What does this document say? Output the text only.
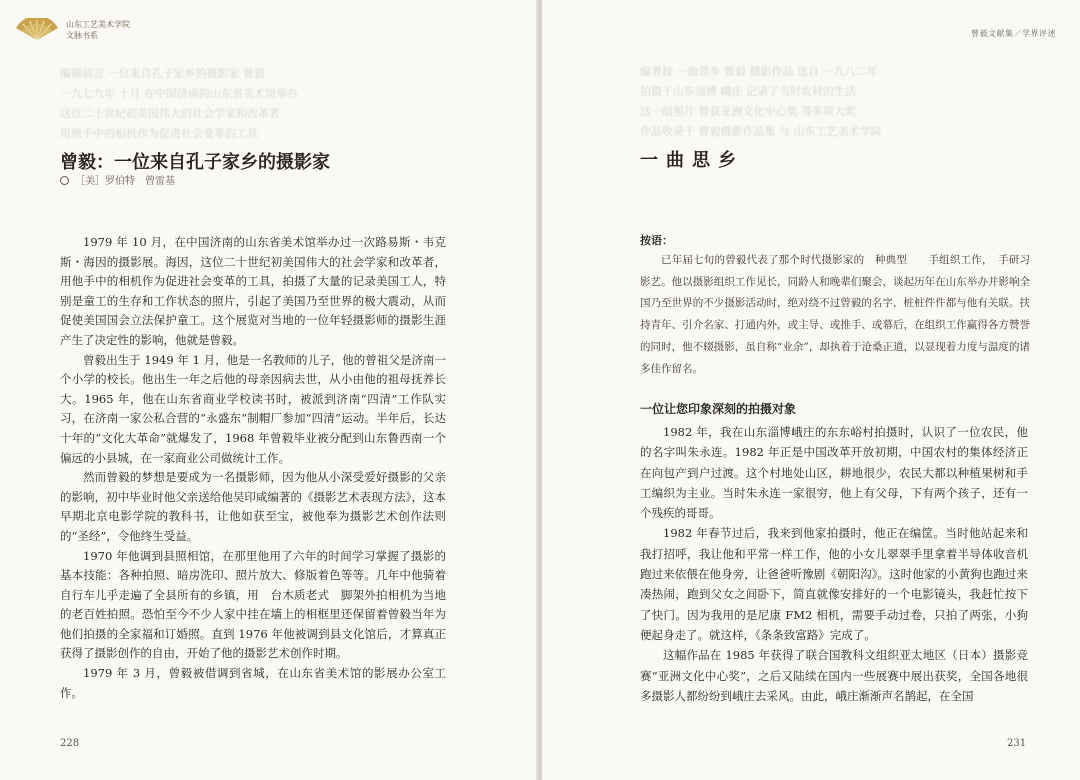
山东工艺美术学院
文脉书系
编辑前言 一位来自孔子家乡的摄影家 曾毅
一九七九年 十月 在中国济南的山东省美术馆举办
这位二十世纪初美国伟大的社会学家和改革者
用他手中的相机作为促进社会变革的工具
曾毅：一位来自孔子家乡的摄影家
［美］罗伯特　曾雷基

1979 年 10 月，在中国济南的山东省美术馆举办过一次路易斯・韦克斯・海因的摄影展。海因，这位二十世纪初美国伟大的社会学家和改革者，用他手中的相机作为促进社会变革的工具，拍摄了大量的记录美国工人，特别是童工的生存和工作状态的照片，引起了美国乃至世界的极大震动，从而促使美国国会立法保护童工。这个展览对当地的一位年轻摄影师的摄影生涯产生了决定性的影响，他就是曾毅。

曾毅出生于 1949 年 1 月，他是一名教师的儿子，他的曾祖父是济南一个小学的校长。他出生一年之后他的母亲因病去世，从小由他的祖母抚养长大。1965 年，他在山东省商业学校读书时，被派到济南“四清”工作队实习，在济南一家公私合营的“永盛东”制帽厂参加“四清”运动。半年后，长达十年的“文化大革命”就爆发了，1968 年曾毅毕业被分配到山东鲁西南一个偏远的小县城，在一家商业公司做统计工作。

然而曾毅的梦想是要成为一名摄影师，因为他从小深受爱好摄影的父亲的影响，初中毕业时他父亲送给他吴印咸编著的《摄影艺术表现方法》，这本早期北京电影学院的教科书，让他如获至宝，被他奉为摄影艺术创作法则的“圣经”，令他终生受益。

1970 年他调到县照相馆，在那里他用了六年的时间学习掌握了摄影的基本技能：各种拍照、暗房洗印、照片放大、修版着色等等。几年中他骑着自行车儿乎走遍了全县所有的乡镇，用　台木质老式　脚架外拍相机为当地的老百姓拍照。恐怕至今不少人家中挂在墙上的相框里还保留着曾毅当年为他们拍摄的全家福和订婚照。直到 1976 年他被调到县文化馆后，才算真正获得了摄影创作的自由，开始了他的摄影艺术创作时期。

1979 年 3 月，曾毅被借调到省城，在山东省美术馆的影展办公室工作。

228
曾毅文献集／学界评述
编者按 一曲思乡 曾毅 摄影作品 选自 一九八二年
拍摄于山东淄博 峨庄 记录了当时农村的生活
这一组照片 曾获亚洲文化中心奖 等多项大奖
作品收录于 曾毅摄影作品集 与 山东工艺美术学院
一曲思乡
按语：

已年届七旬的曾毅代表了那个时代摄影家的　种典型　　手组织工作，　手研习影艺。他以摄影组织工作见长，同龄人和晚辈们聚会，谈起历年在山东举办并影响全国乃至世界的不少摄影活动时，绝对绕不过曾毅的名字，桩桩件件都与他有关联。扶持青年、引介名家、打通内外，或主导、或推手、或幕后，在组织工作赢得各方赞誉的同时，他不辍摄影，虽自称“业余”，却执着于沧桑正道，以显现着力度与温度的诸多佳作留名。

一位让您印象深刻的拍摄对象

1982 年，我在山东淄博峨庄的东东峪村拍摄时，认识了一位农民，他的名字叫朱永连。1982 年正是中国改革开放初期，中国农村的集体经济正在向包产到户过渡。这个村地处山区，耕地很少，农民大都以种植果树和手工编织为主业。当时朱永连一家很穷，他上有父母，下有两个孩子，还有一个残疾的哥哥。

1982 年春节过后，我来到他家拍摄时，他正在编筐。当时他站起来和我打招呼，我让他和平常一样工作，他的小女儿翠翠手里拿着半导体收音机跑过来依偎在他身旁，让爸爸听豫剧《朝阳沟》。这时他家的小黄狗也跑过来凑热闹，跑到父女之间卧下，简直就像安排好的一个电影镜头，我赶忙按下了快门。因为我用的是尼康 FM2 相机，需要手动过卷，只拍了两张，小狗便起身走了。就这样，《条条致富路》完成了。

这幅作品在 1985 年获得了联合国教科文组织亚太地区（日本）摄影竞赛“亚洲文化中心奖”，之后又陆续在国内一些展赛中展出获奖，全国各地很多摄影人都纷纷到峨庄去采风。由此，峨庄渐渐声名鹊起，在全国

231
